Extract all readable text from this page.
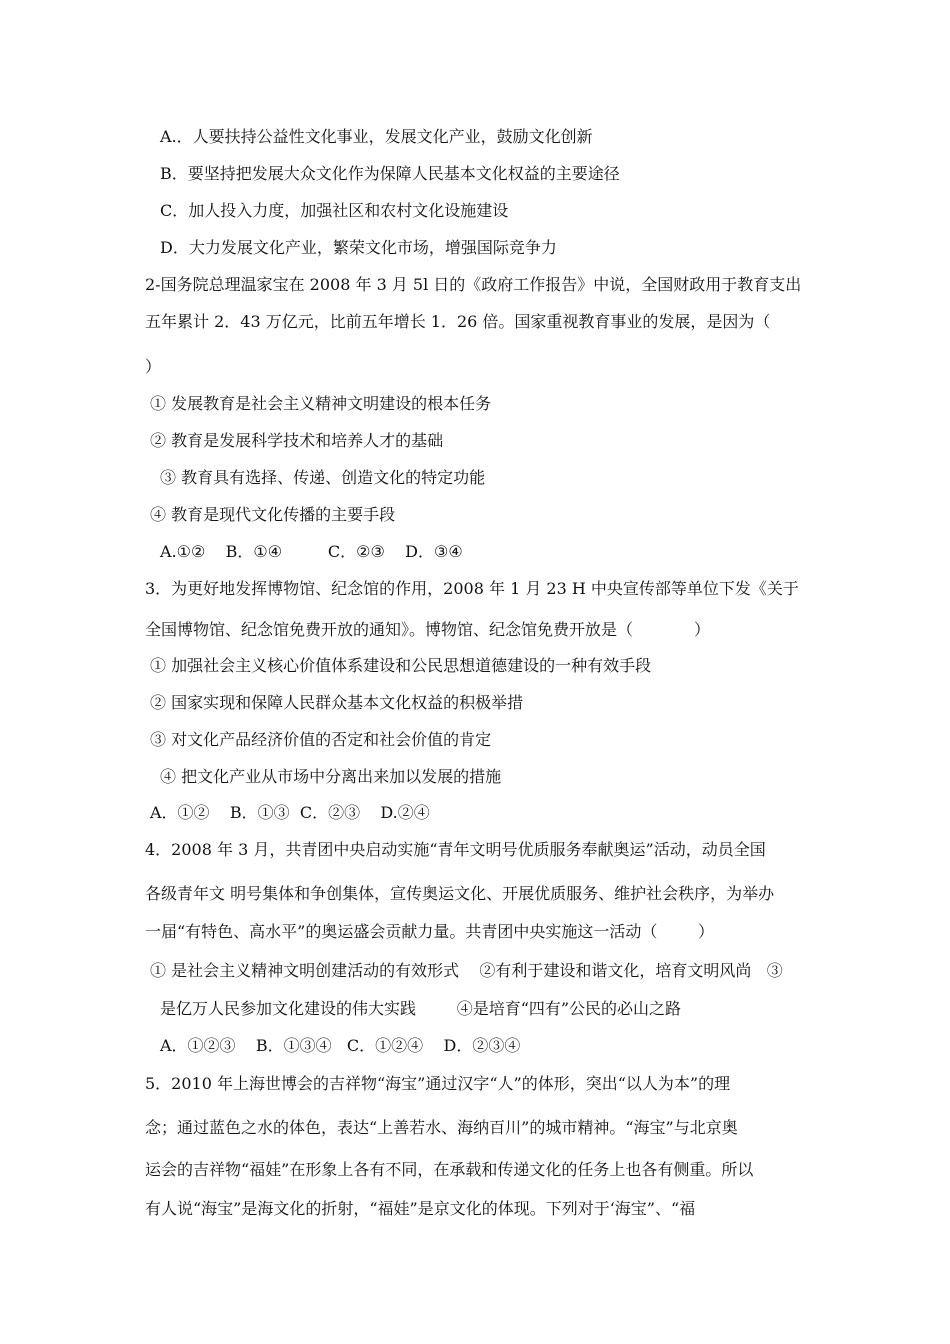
A.．人要扶持公益性文化事业，发展文化产业，鼓励文化创新
B．要坚持把发展大众文化作为保障人民基本文化权益的主要途径
C．加人投入力度，加强社区和农村文化设施建设
D．大力发展文化产业，繁荣文化市场，增强国际竞争力
2-国务院总理温家宝在 2008 年 3 月 5l 日的《政府工作报告》中说，全国财政用于教育支出
五年累计 2．43 万亿元，比前五年增长 1．26 倍。国家重视教育事业的发展，是因为（
）
① 发展教育是社会主义精神文明建设的根本任务
② 教育是发展科学技术和培养人才的基础
③ 教育具有选择、传递、创造文化的特定功能
④ 教育是现代文化传播的主要手段
A.①②    B．①④         C．②③    D．③④
3．为更好地发挥博物馆、纪念馆的作用，2008 年 1 月 23 H 中央宣传部等单位下发《关于
全国博物馆、纪念馆免费开放的通知》。博物馆、纪念馆免费开放是（            ）
① 加强社会主义核心价值体系建设和公民思想道德建设的一种有效手段
② 国家实现和保障人民群众基本文化权益的积极举措
③ 对文化产品经济价值的否定和社会价值的肯定
④ 把文化产业从市场中分离出来加以发展的措施
A．①②    B．①③  C．②③    D.②④
4．2008 年 3 月，共青团中央启动实施“青年文明号优质服务奉献奥运”活动，动员全国
各级青年文 明号集体和争创集体，宣传奥运文化、开展优质服务、维护社会秩序，为举办
一届“有特色、高水平”的奥运盛会贡献力量。共青团中央实施这一活动（        ）
① 是社会主义精神文明创建活动的有效形式    ②有利于建设和谐文化，培育文明风尚   ③
是亿万人民参加文化建设的伟大实践        ④是培育“四有”公民的必山之路
A．①②③    B．①③④   C．①②④    D．②③④
5．2010 年上海世博会的吉祥物“海宝”通过汉字“人”的体形，突出“以人为本”的理
念；通过蓝色之水的体色，表达“上善若水、海纳百川”的城市精神。“海宝”与北京奥
运会的吉祥物“福娃”在形象上各有不同，在承载和传递文化的任务上也各有侧重。所以
有人说“海宝”是海文化的折射，“福娃”是京文化的体现。下列对于‘海宝”、“福
